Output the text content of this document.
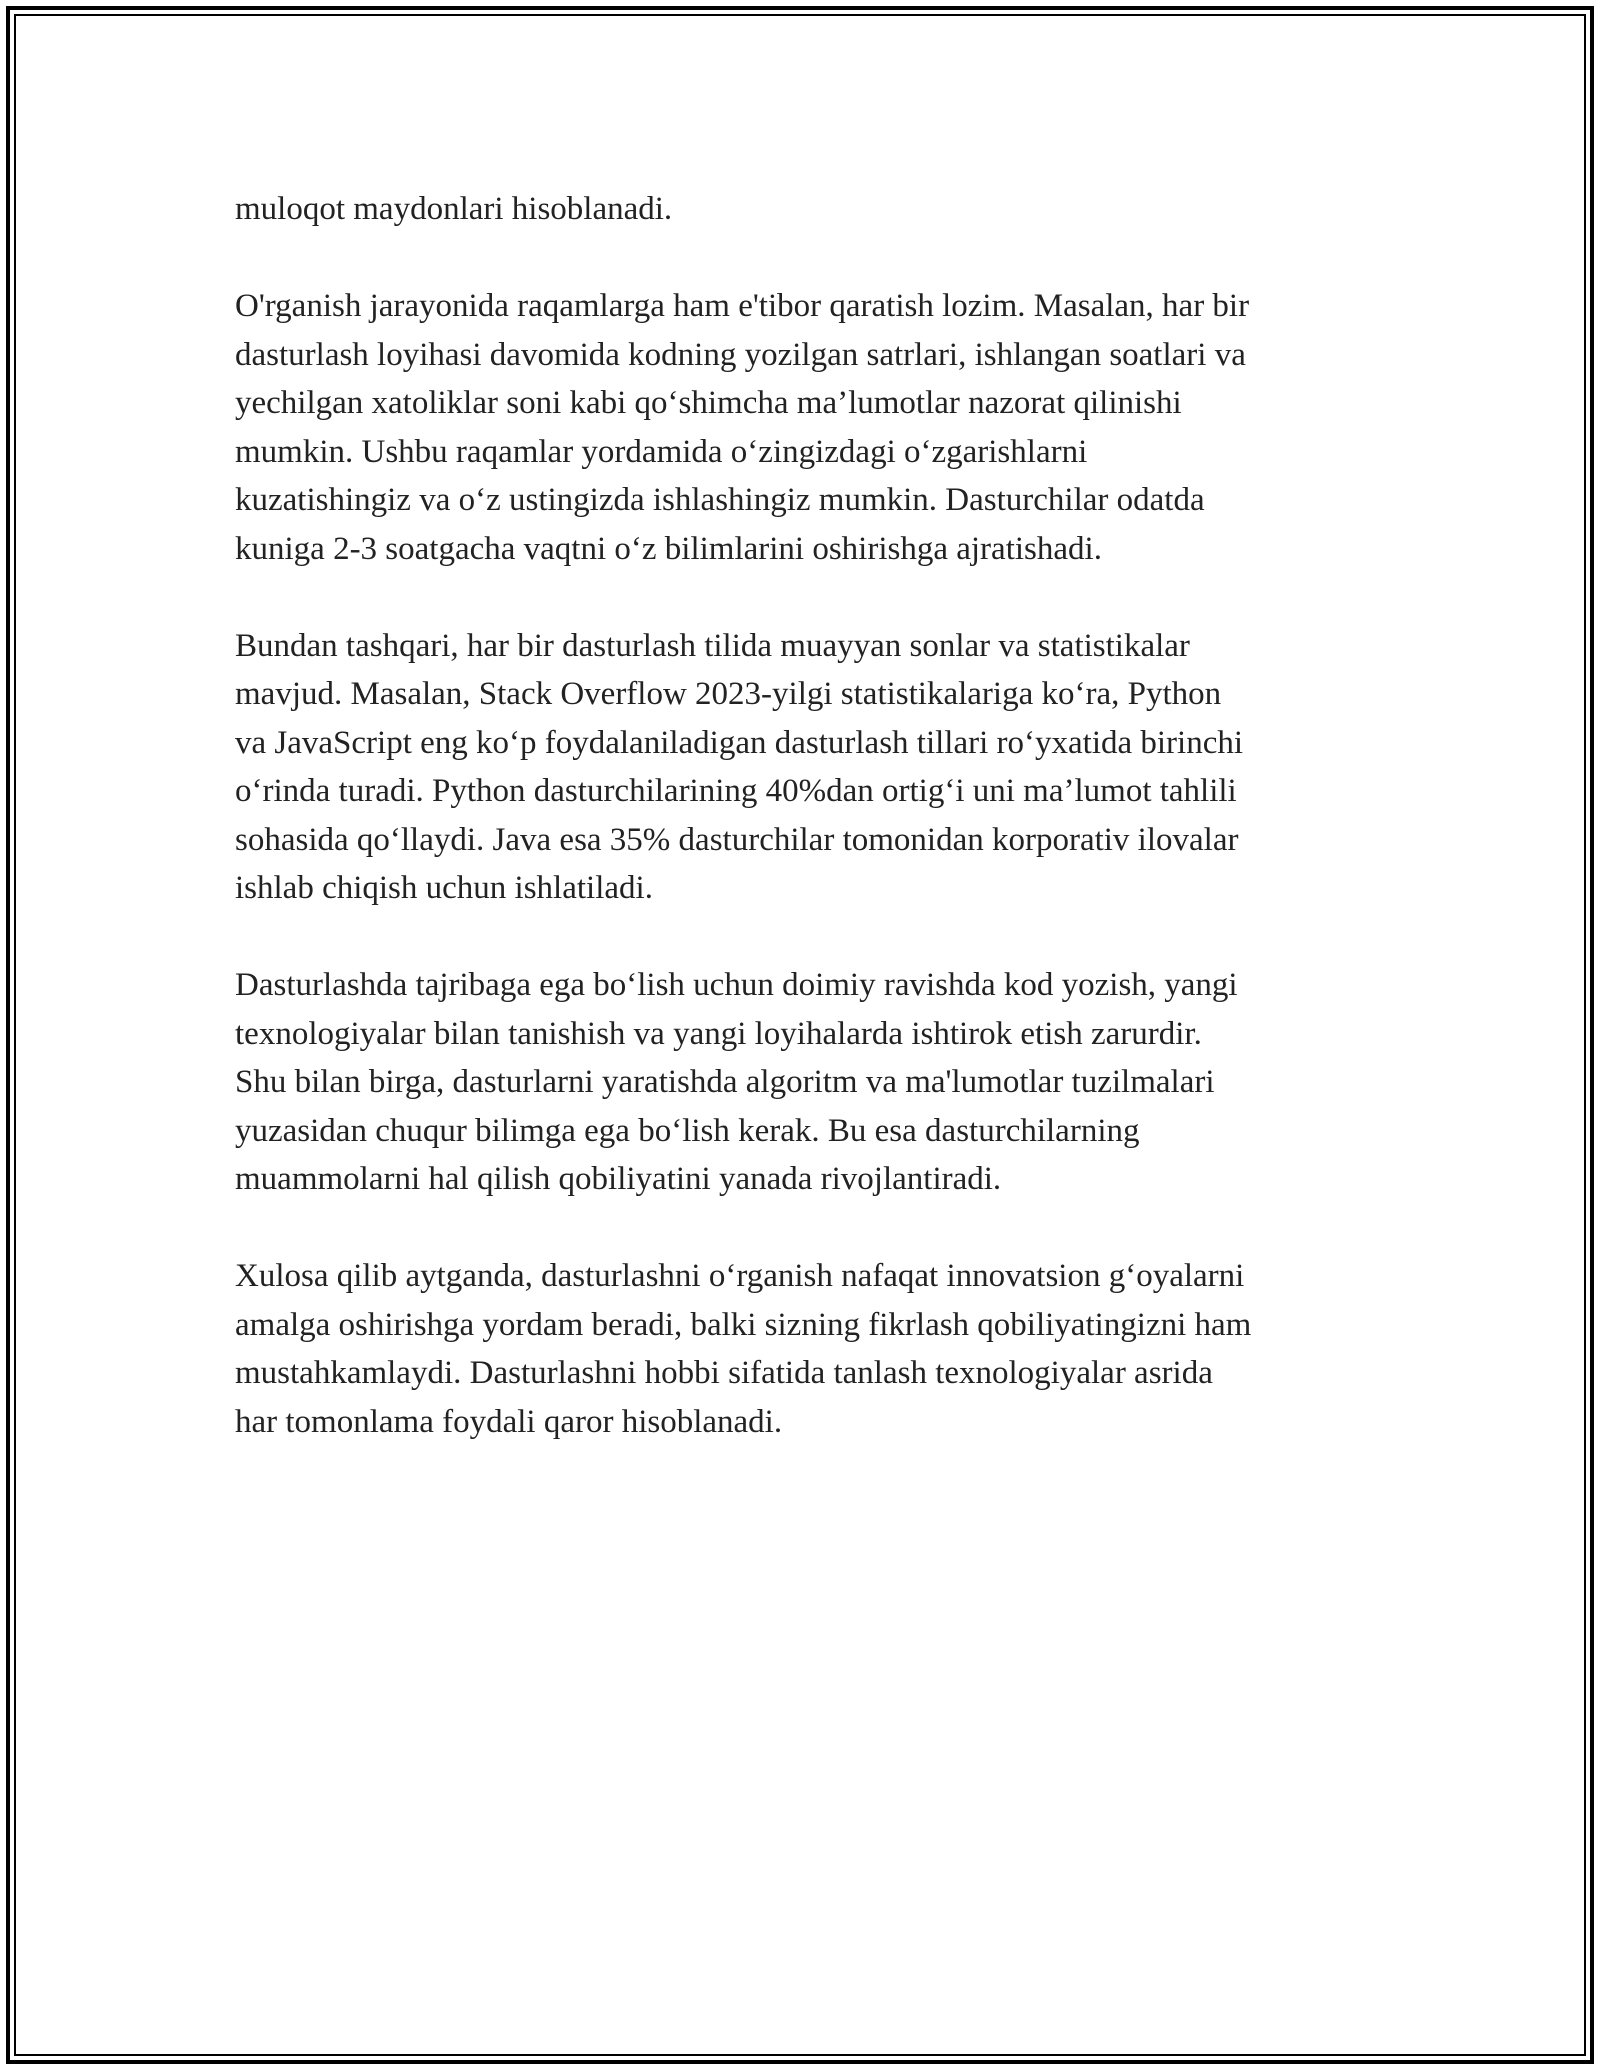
muloqot maydonlari hisoblanadi.

O'rganish jarayonida raqamlarga ham e'tibor qaratish lozim. Masalan, har bir
dasturlash loyihasi davomida kodning yozilgan satrlari, ishlangan soatlari va
yechilgan xatoliklar soni kabi qo‘shimcha ma’lumotlar nazorat qilinishi
mumkin. Ushbu raqamlar yordamida o‘zingizdagi o‘zgarishlarni
kuzatishingiz va o‘z ustingizda ishlashingiz mumkin. Dasturchilar odatda
kuniga 2-3 soatgacha vaqtni o‘z bilimlarini oshirishga ajratishadi.

Bundan tashqari, har bir dasturlash tilida muayyan sonlar va statistikalar
mavjud. Masalan, Stack Overflow 2023-yilgi statistikalariga ko‘ra, Python
va JavaScript eng ko‘p foydalaniladigan dasturlash tillari ro‘yxatida birinchi
o‘rinda turadi. Python dasturchilarining 40%dan ortig‘i uni ma’lumot tahlili
sohasida qo‘llaydi. Java esa 35% dasturchilar tomonidan korporativ ilovalar
ishlab chiqish uchun ishlatiladi.

Dasturlashda tajribaga ega bo‘lish uchun doimiy ravishda kod yozish, yangi
texnologiyalar bilan tanishish va yangi loyihalarda ishtirok etish zarurdir.
Shu bilan birga, dasturlarni yaratishda algoritm va ma'lumotlar tuzilmalari
yuzasidan chuqur bilimga ega bo‘lish kerak. Bu esa dasturchilarning
muammolarni hal qilish qobiliyatini yanada rivojlantiradi.

Xulosa qilib aytganda, dasturlashni o‘rganish nafaqat innovatsion g‘oyalarni
amalga oshirishga yordam beradi, balki sizning fikrlash qobiliyatingizni ham
mustahkamlaydi. Dasturlashni hobbi sifatida tanlash texnologiyalar asrida
har tomonlama foydali qaror hisoblanadi.
